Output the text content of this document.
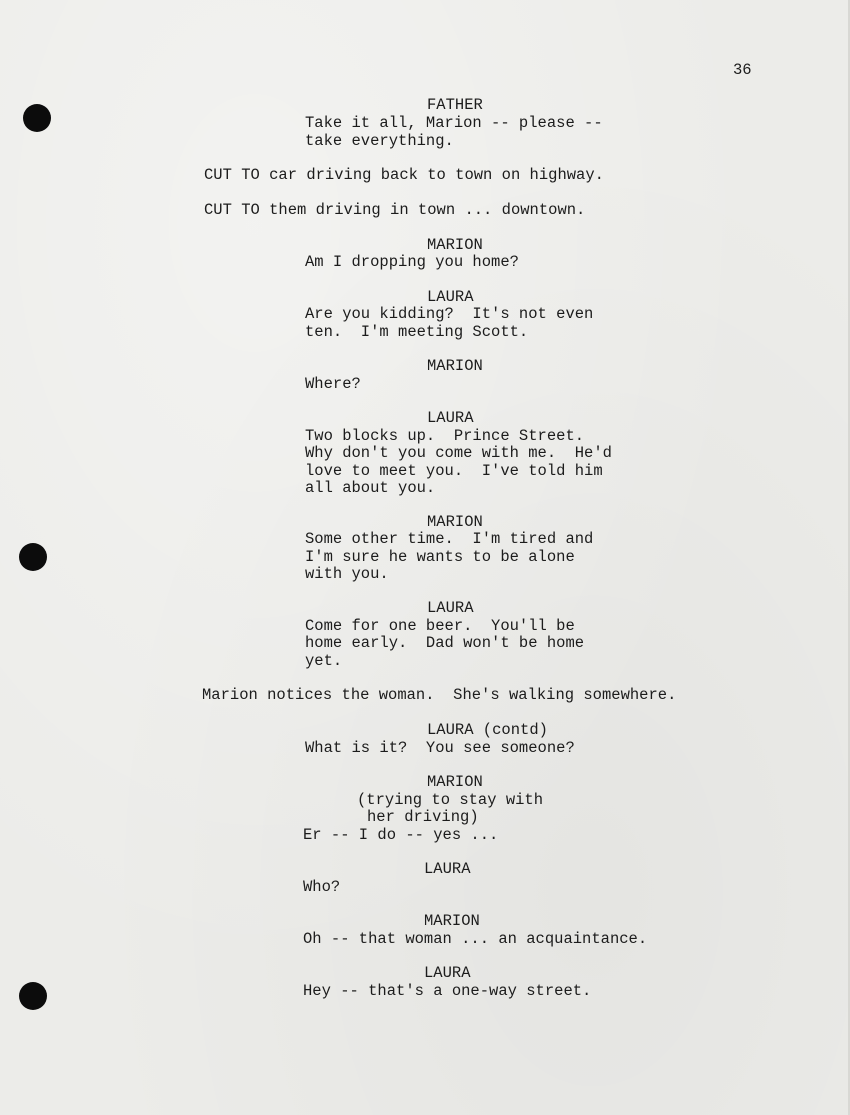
36
FATHER
Take it all, Marion -- please --
take everything.
CUT TO car driving back to town on highway.
CUT TO them driving in town ... downtown.
MARION
Am I dropping you home?
LAURA
Are you kidding?  It's not even
ten.  I'm meeting Scott.
MARION
Where?
LAURA
Two blocks up.  Prince Street.
Why don't you come with me.  He'd
love to meet you.  I've told him
all about you.
MARION
Some other time.  I'm tired and
I'm sure he wants to be alone
with you.
LAURA
Come for one beer.  You'll be
home early.  Dad won't be home
yet.
Marion notices the woman.  She's walking somewhere.
LAURA (contd)
What is it?  You see someone?
MARION
(trying to stay with
her driving)
Er -- I do -- yes ...
LAURA
Who?
MARION
Oh -- that woman ... an acquaintance.
LAURA
Hey -- that's a one-way street.
